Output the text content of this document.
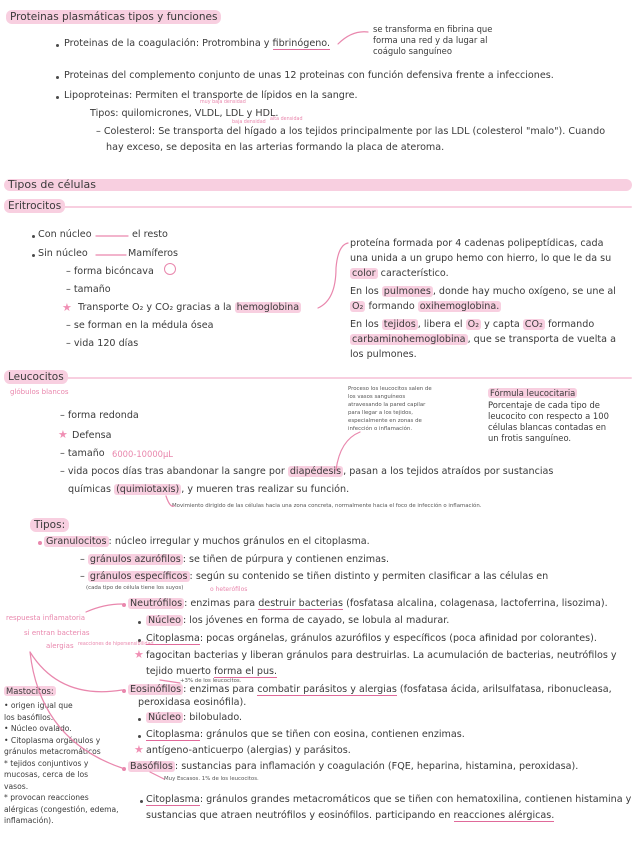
Proteinas plasmáticas tipos y funciones
Proteinas de la coagulación: Protrombina y fibrinógeno.
se transforma en fibrina que
forma una red y da lugar al
coágulo sanguíneo
Proteinas del complemento conjunto de unas 12 proteinas con función defensiva frente a infecciones.
Lipoproteinas: Permiten el transporte de lípidos en la sangre.
muy baja densidad
Tipos: quilomicrones, VLDL, LDL y HDL.
baja densidad
alta densidad
– Colesterol: Se transporta del hígado a los tejidos principalmente por las LDL (colesterol "malo"). Cuando
hay exceso, se deposita en las arterias formando la placa de ateroma.
Tipos de células
Eritrocitos
Con núcleo	el resto
Sin núcleo	Mamíferos
– forma bicóncava
– tamaño
★ Transporte O₂ y CO₂ gracias a la hemoglobina
– se forman en la médula ósea
– vida 120 días
proteína formada por 4 cadenas polipeptídicas, cada
una unida a un grupo hemo con hierro, lo que le da su
color característico.
En los pulmones , donde hay mucho oxígeno, se une al
O₂ formando oxihemoglobina.
En los tejidos , libera el O₂ y capta CO₂ formando
carbaminohemoglobina , que se transporta de vuelta a
los pulmones.
Leucocitos
glóbulos blancos	Proceso los leucocitos salen de
los vasos sanguíneos
atravesando la pared capilar
para llegar a los tejidos,
especialmente en zonas de
infección o inflamación.
Fórmula leucocitaria
Porcentaje de cada tipo de
leucocito con respecto a 100
células blancas contadas en
un frotis sanguíneo.
– forma redonda
★ Defensa
– tamaño 6000-10000μL
– vida pocos días tras abandonar la sangre por diapédesis , pasan a los tejidos atraídos por sustancias
químicas (quimiotaxis) , y mueren tras realizar su función.
Movimiento dirigido de las células hacia una zona concreta, normalmente hacia el foco de infección o inflamación.
Tipos:
Granulocitos : núcleo irregular y muchos gránulos en el citoplasma.
– gránulos azurófilos : se tiñen de púrpura y contienen enzimas.
– gránulos específicos : según su contenido se tiñen distinto y permiten clasificar a las células en
(cada tipo de célula tiene los suyos)	o heterófilos
respuesta inflamatoria
si entran bacterias
alergias reacciones de hipersensibilidad
Neutrófilos : enzimas para destruir bacterias (fosfatasa alcalina, colagenasa, lactoferrina, lisozima).
Núcleo : los jóvenes en forma de cayado, se lobula al madurar.
Citoplasma: pocas orgánelas, gránulos azurófilos y específicos (poca afinidad por colorantes).
★ fagocitan bacterias y liberan gránulos para destruirlas. La acumulación de bacterias, neutrófilos y
tejido muerto forma el pus.
+3% de los leucocitos.
Eosinófilos : enzimas para combatir parásitos y alergias (fosfatasa ácida, arilsulfatasa, ribonucleasa,
peroxidasa eosinófila).
Núcleo : bilobulado.
Citoplasma: gránulos que se tiñen con eosina, contienen enzimas.
★ antígeno-anticuerpo (alergias) y parásitos.
Basófilos : sustancias para inflamación y coagulación (FQE, heparina, histamina, peroxidasa).
Muy Escasos. 1% de los leucocitos.
Citoplasma: gránulos grandes metacromáticos que se tiñen con hematoxilina, contienen histamina y
sustancias que atraen neutrófilos y eosinófilos. participando en reacciones alérgicas.
Mastocitos:
• origen igual que
los basófilos.
• Núcleo ovalado.
• Citoplasma orgánulos y
gránulos metacromáticos
* tejidos conjuntivos y
mucosas, cerca de los
vasos.
* provocan reacciones
alérgicas (congestión, edema,
inflamación).
